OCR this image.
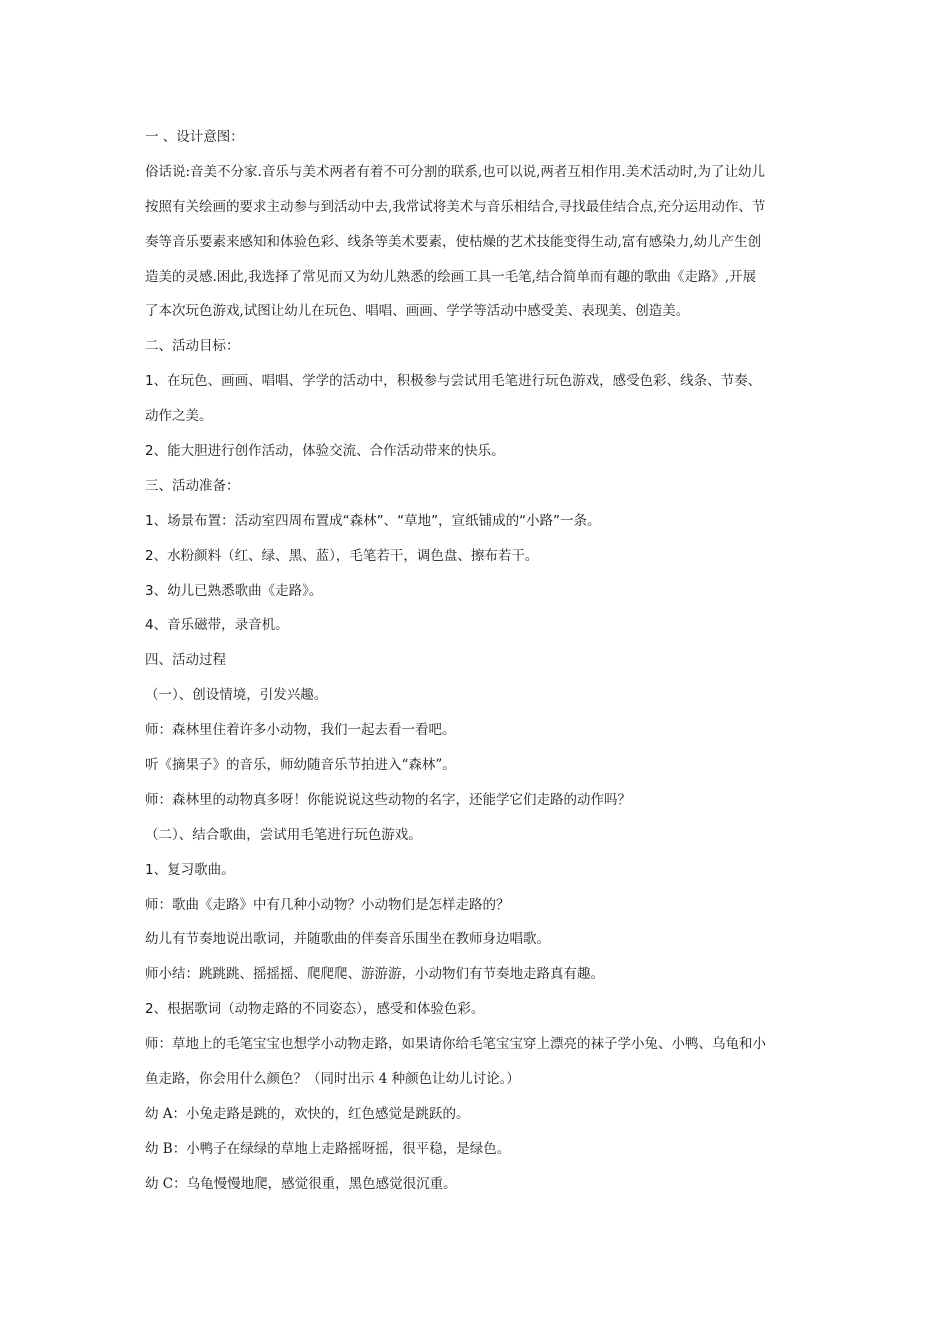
一 、设计意图：
俗话说:音美不分家.音乐与美术两者有着不可分割的联系,也可以说,两者互相作用.美术活动时,为了让幼儿
按照有关绘画的要求主动参与到活动中去,我常试将美术与音乐相结合,寻找最佳结合点,充分运用动作、节
奏等音乐要素来感知和体验色彩、线条等美术要素，使枯燥的艺术技能变得生动,富有感染力,幼儿产生创
造美的灵感.困此,我选择了常见而又为幼儿熟悉的绘画工具一毛笔,结合简单而有趣的歌曲《走路》,开展
了本次玩色游戏,试图让幼儿在玩色、唱唱、画画、学学等活动中感受美、表现美、创造美。
二、活动目标：
1、在玩色、画画、唱唱、学学的活动中，积极参与尝试用毛笔进行玩色游戏，感受色彩、线条、节奏、
动作之美。
2、能大胆进行创作活动，体验交流、合作活动带来的快乐。
三、活动准备：
1、场景布置：活动室四周布置成“森林”、“草地”，宣纸铺成的“小路”一条。
2、水粉颜料（红、绿、黑、蓝），毛笔若干，调色盘、擦布若干。
3、幼儿已熟悉歌曲《走路》。
4、音乐磁带，录音机。
四、活动过程
（一）、创设情境，引发兴趣。
师：森林里住着许多小动物，我们一起去看一看吧。
听《摘果子》的音乐，师幼随音乐节拍进入“森林”。
师：森林里的动物真多呀！你能说说这些动物的名字，还能学它们走路的动作吗？
（二）、结合歌曲，尝试用毛笔进行玩色游戏。
1、复习歌曲。
师：歌曲《走路》中有几种小动物？小动物们是怎样走路的？
幼儿有节奏地说出歌词，并随歌曲的伴奏音乐围坐在教师身边唱歌。
师小结：跳跳跳、摇摇摇、爬爬爬、游游游，小动物们有节奏地走路真有趣。
2、根据歌词（动物走路的不同姿态），感受和体验色彩。
师：草地上的毛笔宝宝也想学小动物走路，如果请你给毛笔宝宝穿上漂亮的袜子学小兔、小鸭、乌龟和小
鱼走路，你会用什么颜色？（同时出示 4 种颜色让幼儿讨论。）
幼 A：小兔走路是跳的，欢快的，红色感觉是跳跃的。
幼 B：小鸭子在绿绿的草地上走路摇呀摇，很平稳，是绿色。
幼 C：乌龟慢慢地爬，感觉很重，黑色感觉很沉重。
